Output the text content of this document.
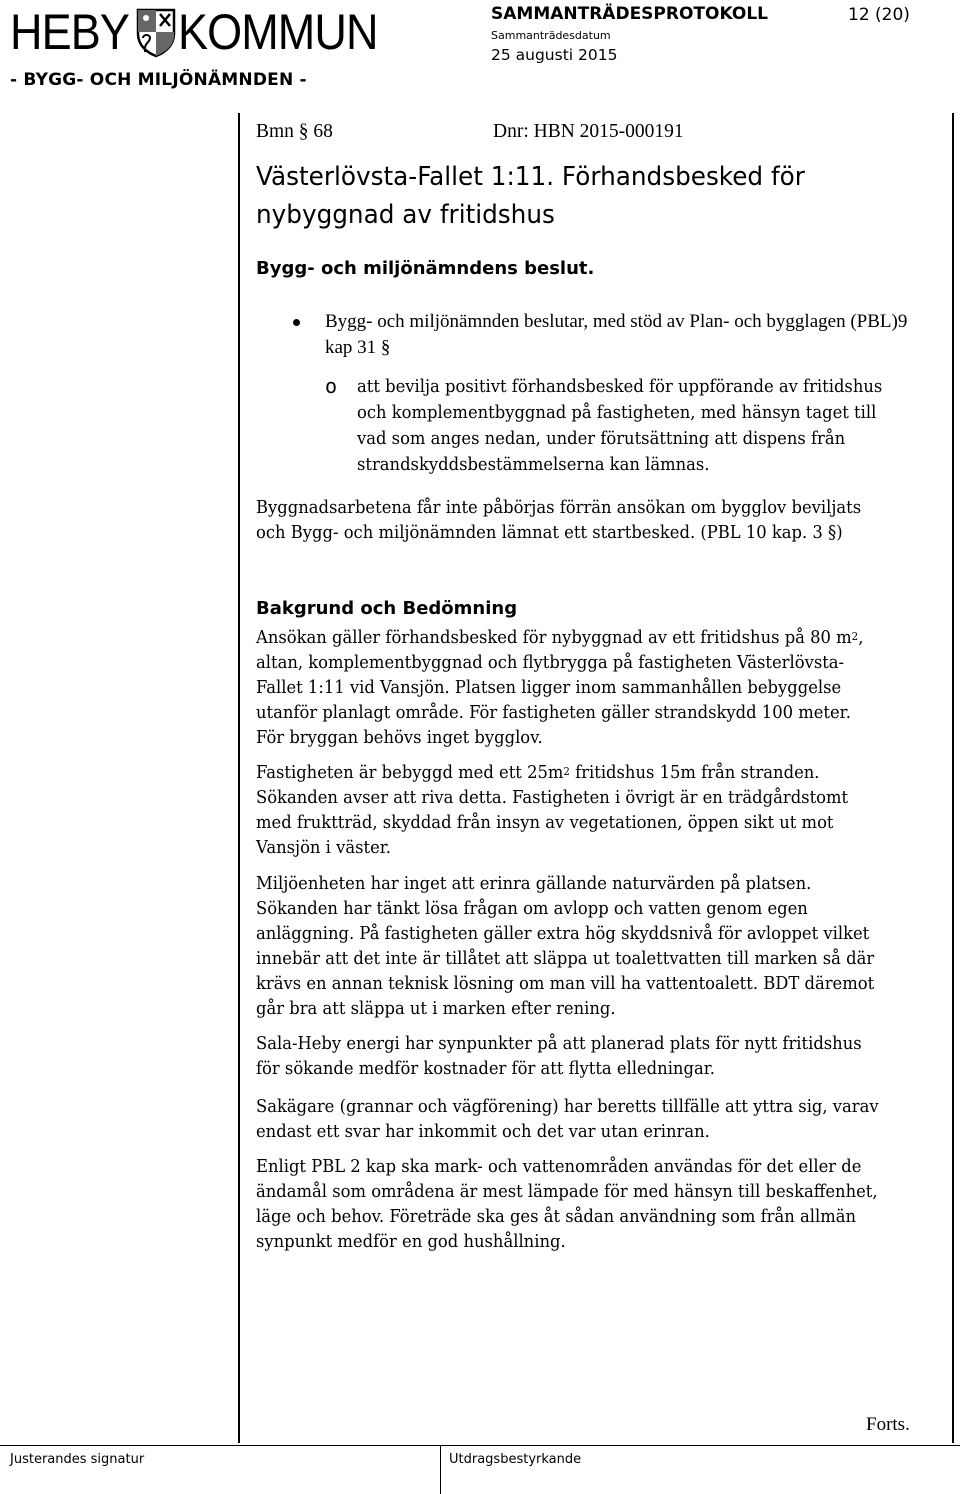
HEBY KOMMUN
- BYGG- OCH MILJÖNÄMNDEN -
SAMMANTRÄDESPROTOKOLL	12 (20)
Sammanträdesdatum
25 augusti 2015
Bmn § 68	Dnr: HBN 2015-000191
Västerlövsta-Fallet 1:11. Förhandsbesked för
nybyggnad av fritidshus
Bygg- och miljönämndens beslut.
Bygg- och miljönämnden beslutar, med stöd av Plan- och bygglagen (PBL)9 kap 31 §
o att bevilja positivt förhandsbesked för uppförande av fritidshus och komplementbyggnad på fastigheten, med hänsyn taget till vad som anges nedan, under förutsättning att dispens från strandskyddsbestämmelserna kan lämnas.
Byggnadsarbetena får inte påbörjas förrän ansökan om bygglov beviljats och Bygg- och miljönämnden lämnat ett startbesked. (PBL 10 kap. 3 §)
Bakgrund och Bedömning
Ansökan gäller förhandsbesked för nybyggnad av ett fritidshus på 80 $m^2$, altan, komplementbyggnad och flytbrygga på fastigheten Västerlövsta-Fallet 1:11 vid Vansjön. Platsen ligger inom sammanhållen bebyggelse utanför planlagt område. För fastigheten gäller strandskydd 100 meter. För bryggan behövs inget bygglov.
Fastigheten är bebyggd med ett $25m^2$ fritidshus 15m från stranden. Sökanden avser att riva detta. Fastigheten i övrigt är en trädgårdstomt med fruktträd, skyddad från insyn av vegetationen, öppen sikt ut mot Vansjön i väster.
Miljöenheten har inget att erinra gällande naturvärden på platsen. Sökanden har tänkt lösa frågan om avlopp och vatten genom egen anläggning. På fastigheten gäller extra hög skyddsnivå för avloppet vilket innebär att det inte är tillåtet att släppa ut toalettvatten till marken så där krävs en annan teknisk lösning om man vill ha vattentoalett. BDT däremot går bra att släppa ut i marken efter rening.
Sala-Heby energi har synpunkter på att planerad plats för nytt fritidshus för sökande medför kostnader för att flytta elledningar.
Sakägare (grannar och vägförening) har beretts tillfälle att yttra sig, varav endast ett svar har inkommit och det var utan erinran.
Enligt PBL 2 kap ska mark- och vattenområden användas för det eller de ändamål som områdena är mest lämpade för med hänsyn till beskaffenhet, läge och behov. Företräde ska ges åt sådan användning som från allmän synpunkt medför en god hushållning.
Forts.
Justerandes signatur	Utdragsbestyrkande
